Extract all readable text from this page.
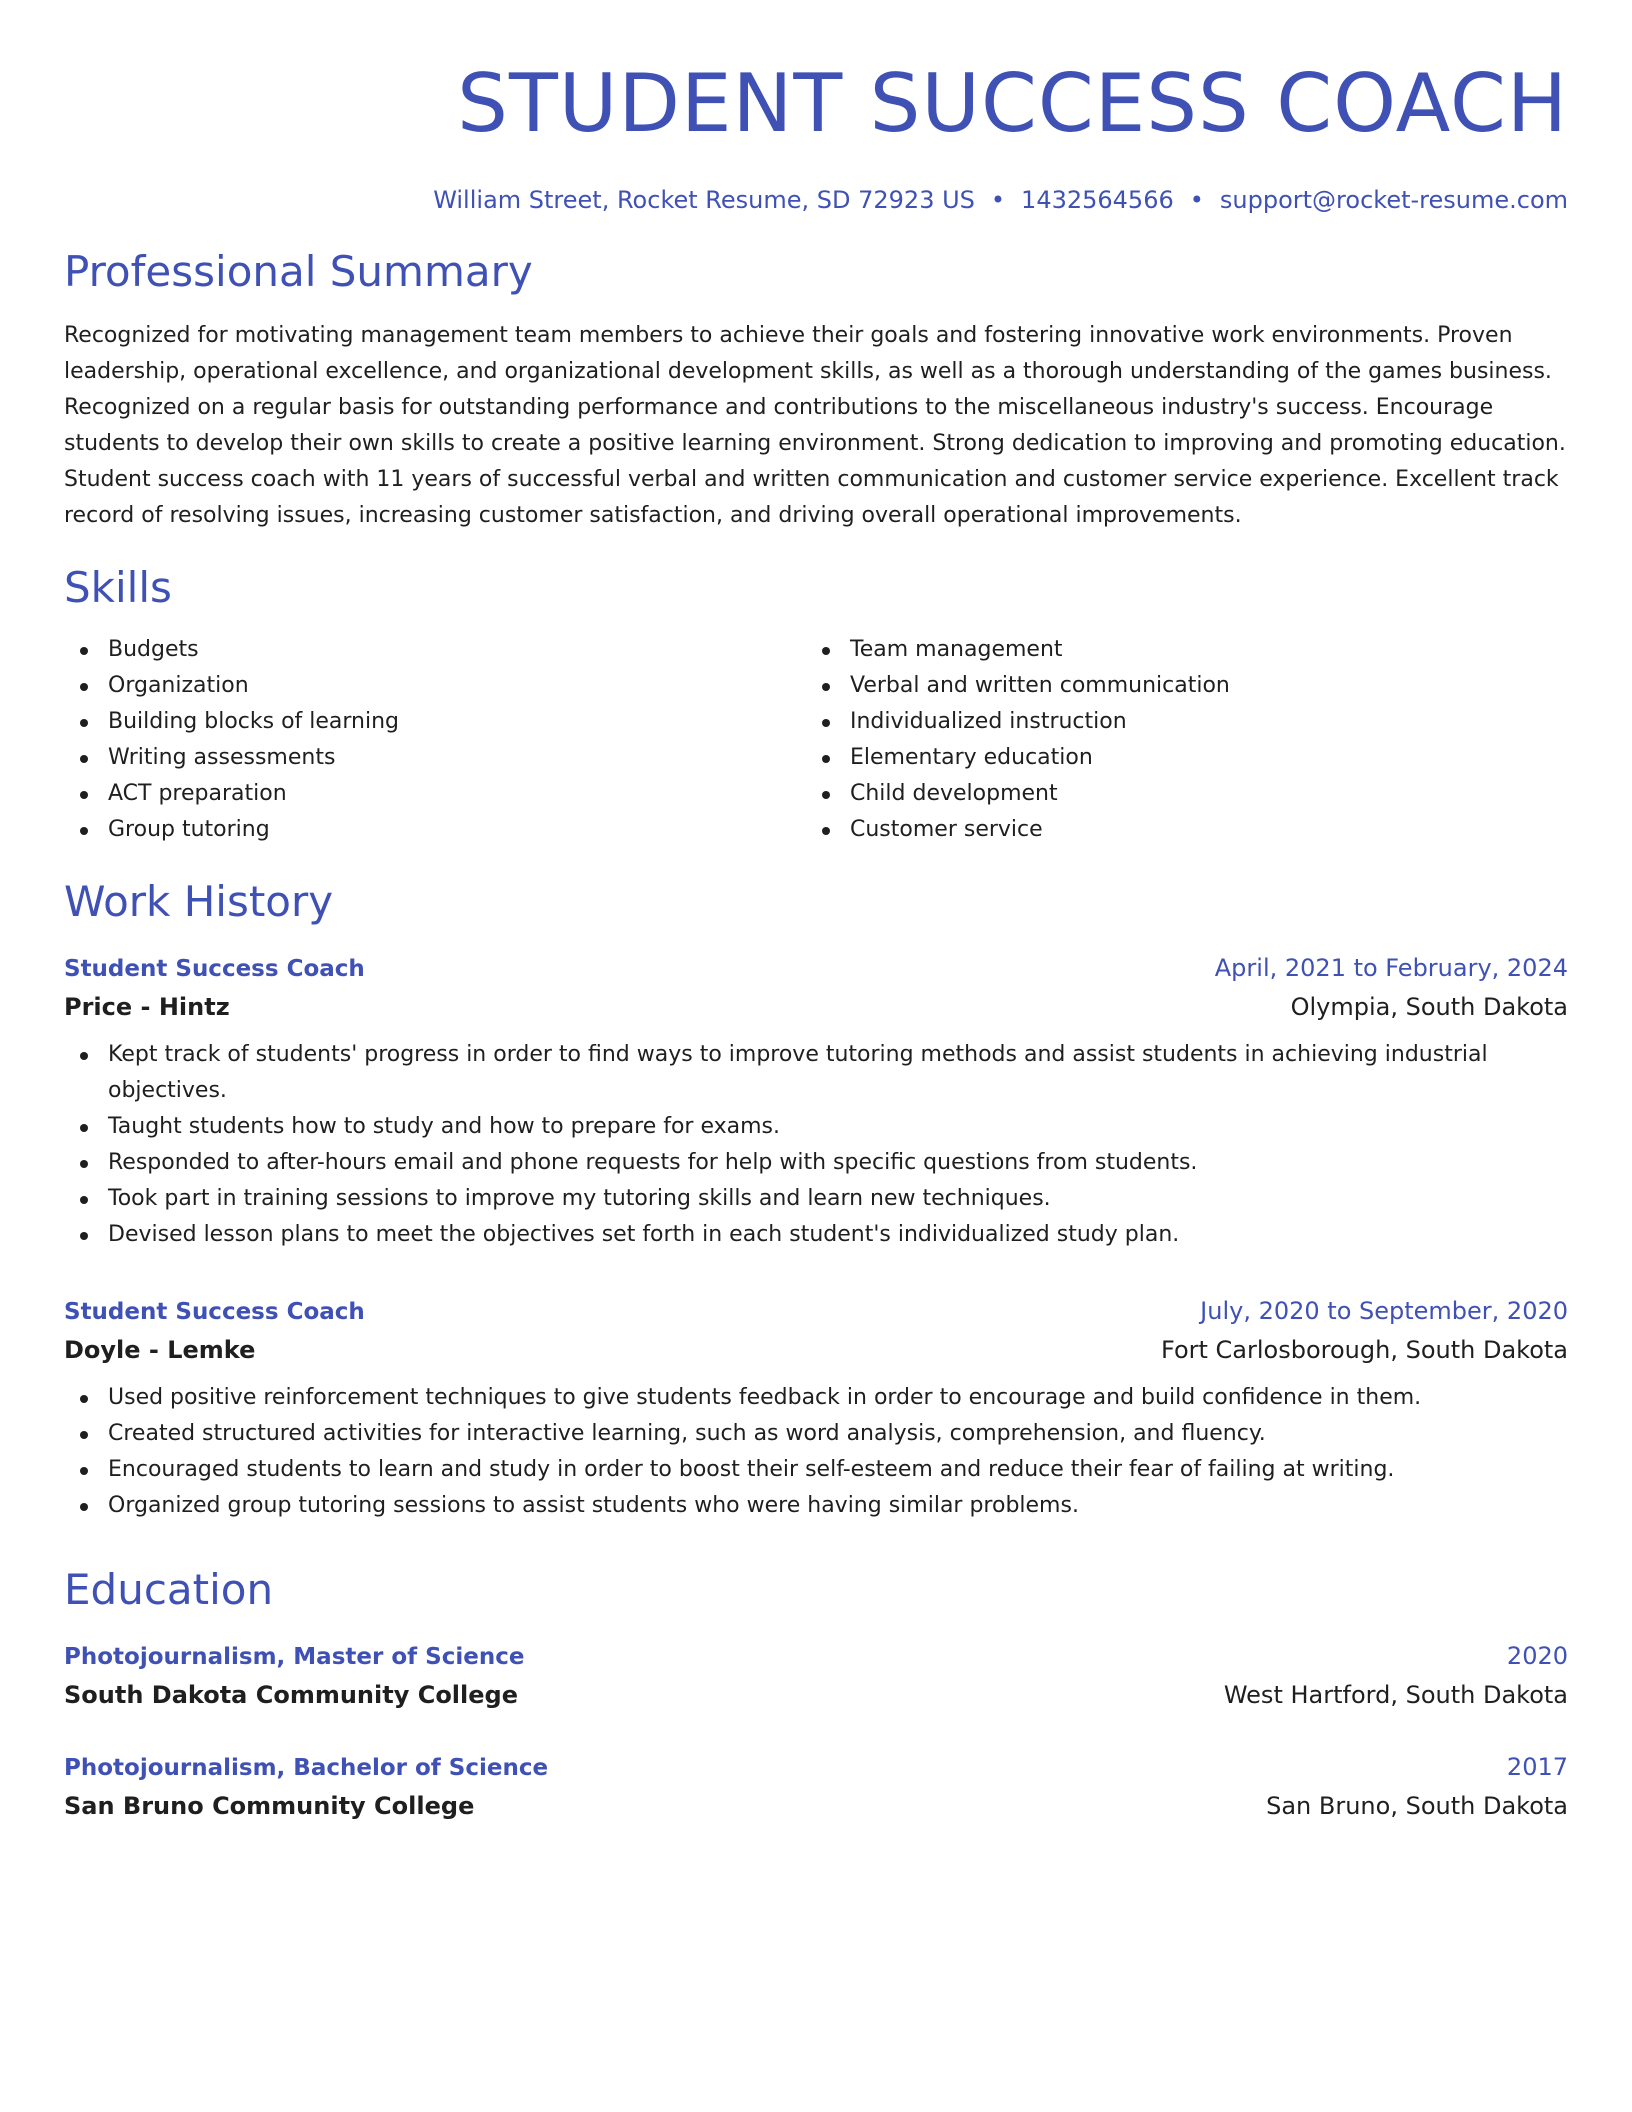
STUDENT SUCCESS COACH
William Street, Rocket Resume, SD 72923 US • 1432564566 • support@rocket-resume.com
Professional Summary

Recognized for motivating management team members to achieve their goals and fostering innovative work environments. Proven leadership, operational excellence, and organizational development skills, as well as a thorough understanding of the games business. Recognized on a regular basis for outstanding performance and contributions to the miscellaneous industry's success. Encourage students to develop their own skills to create a positive learning environment. Strong dedication to improving and promoting education. Student success coach with 11 years of successful verbal and written communication and customer service experience. Excellent track record of resolving issues, increasing customer satisfaction, and driving overall operational improvements.

Skills
Budgets
Organization
Building blocks of learning
Writing assessments
ACT preparation
Group tutoring
Team management
Verbal and written communication
Individualized instruction
Elementary education
Child development
Customer service
Work History
Student Success Coach	April, 2021 to February, 2024
Price - Hintz	Olympia, South Dakota
Kept track of students' progress in order to find ways to improve tutoring methods and assist students in achieving industrial objectives.
Taught students how to study and how to prepare for exams.
Responded to after-hours email and phone requests for help with specific questions from students.
Took part in training sessions to improve my tutoring skills and learn new techniques.
Devised lesson plans to meet the objectives set forth in each student's individualized study plan.
Student Success Coach	July, 2020 to September, 2020
Doyle - Lemke	Fort Carlosborough, South Dakota
Used positive reinforcement techniques to give students feedback in order to encourage and build confidence in them.
Created structured activities for interactive learning, such as word analysis, comprehension, and fluency.
Encouraged students to learn and study in order to boost their self-esteem and reduce their fear of failing at writing.
Organized group tutoring sessions to assist students who were having similar problems.
Education
Photojournalism, Master of Science	2020
South Dakota Community College	West Hartford, South Dakota
Photojournalism, Bachelor of Science	2017
San Bruno Community College	San Bruno, South Dakota
